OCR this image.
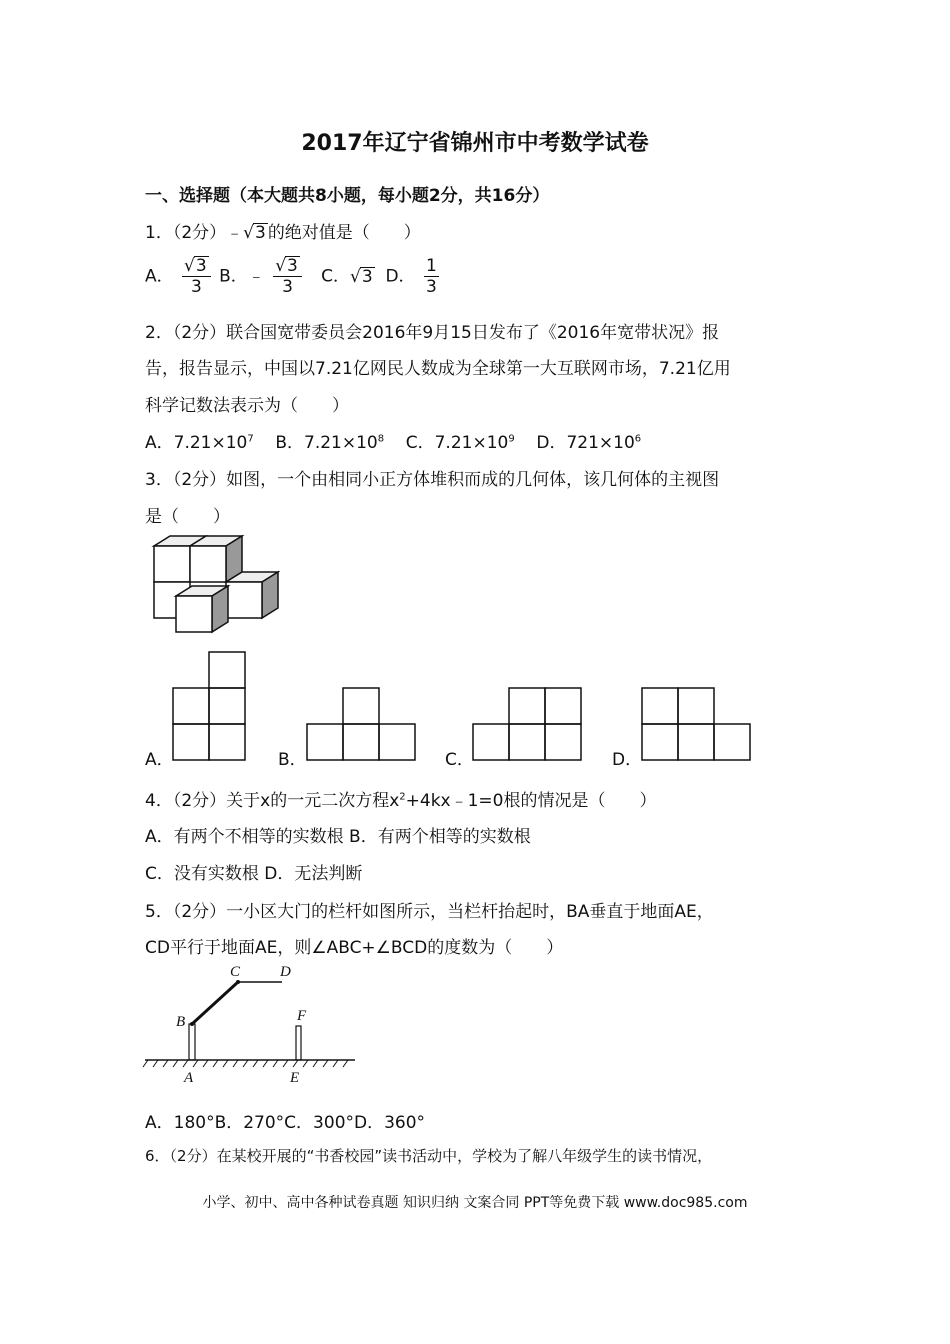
2017年辽宁省锦州市中考数学试卷
一、选择题（本大题共8小题，每小题2分，共16分）
1．（2分）﹣√3 的绝对值是（　　）
A． $\frac{√3}{3}$ B．﹣ $\frac{√3}{3}$ C．√3 D． $\frac{1}{3}$
2．（2分）联合国宽带委员会2016年9月15日发布了《2016年宽带状况》报
告，报告显示，中国以7.21亿网民人数成为全球第一大互联网市场，7.21亿用
科学记数法表示为（　　）
A．$7.21\times 10^7$ B．$7.21\times 10^8$ C．$7.21\times 10^9$ D．$721\times 10^6$
3．（2分）如图，一个由相同小正方体堆积而成的几何体，该几何体的主视图
是（　　）
A．	B．	C．	D．
4．（2分）关于x的一元二次方程$x^2+4kx﹣1=0$根的情况是（　　）
A．有两个不相等的实数根 B．有两个相等的实数根
C．没有实数根 D．无法判断
5．（2分）一小区大门的栏杆如图所示，当栏杆抬起时，BA垂直于地面AE，
CD平行于地面AE，则∠ABC+∠BCD的度数为（　　）
C	D
B	F
A	E
A．180°B．270°C．300°D．360°
6．（2分）在某校开展的“书香校园”读书活动中，学校为了解八年级学生的读书情况，
小学、初中、高中各种试卷真题 知识归纳 文案合同 PPT等免费下载 www.doc985.com
